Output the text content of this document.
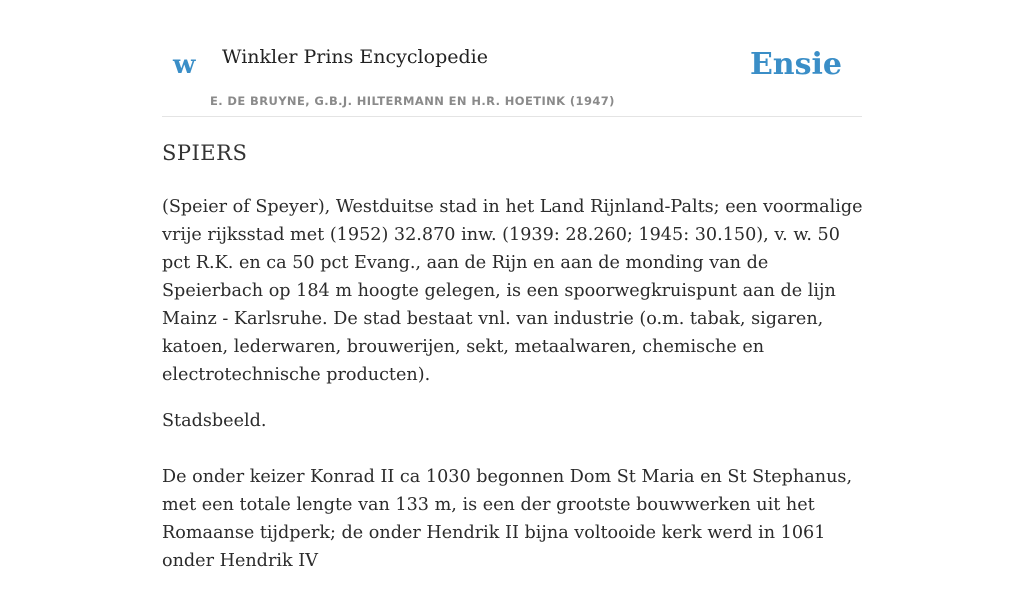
w Winkler Prins Encyclopedie
E. DE BRUYNE, G.B.J. HILTERMANN EN H.R. HOETINK (1947)
Ensie
SPIERS

(Speier of Speyer), Westduitse stad in het Land Rijnland-Palts; een voormalige vrije rijksstad met (1952) 32.870 inw. (1939: 28.260; 1945: 30.150), v. w. 50 pct R.K. en ca 50 pct Evang., aan de Rijn en aan de monding van de Speierbach op 184 m hoogte gelegen, is een spoorwegkruispunt aan de lijn Mainz - Karlsruhe. De stad bestaat vnl. van industrie (o.m. tabak, sigaren, katoen, lederwaren, brouwerijen, sekt, metaalwaren, chemische en electrotechnische producten).

Stadsbeeld.

De onder keizer Konrad II ca 1030 begonnen Dom St Maria en St Stephanus, met een totale lengte van 133 m, is een der grootste bouwwerken uit het Romaanse tijdperk; de onder Hendrik II bijna voltooide kerk werd in 1061 onder Hendrik IV
